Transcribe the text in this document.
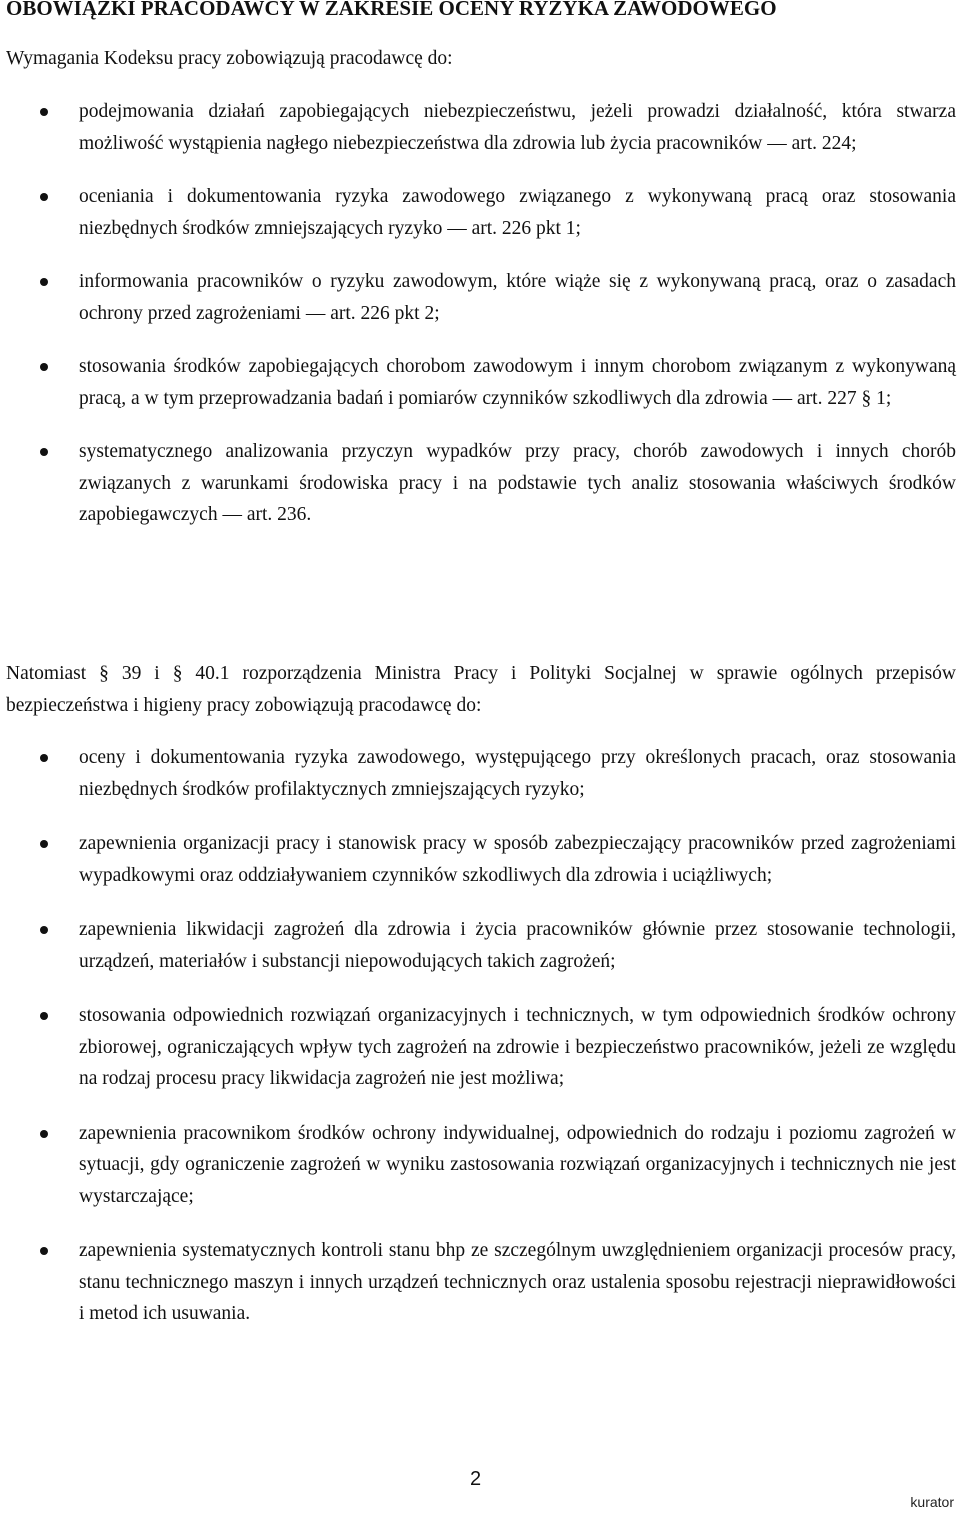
OBOWIĄZKI PRACODAWCY W ZAKRESIE OCENY RYZYKA ZAWODOWEGO
Wymagania Kodeksu pracy zobowiązują pracodawcę do:
podejmowania działań zapobiegających niebezpieczeństwu, jeżeli prowadzi działalność, która stwarza możliwość wystąpienia nagłego niebezpieczeństwa dla zdrowia lub życia pracowników — art. 224;
oceniania i dokumentowania ryzyka zawodowego związanego z wykonywaną pracą oraz stosowania niezbędnych środków zmniejszających ryzyko — art. 226 pkt 1;
informowania pracowników o ryzyku zawodowym, które wiąże się z wykonywaną pracą, oraz o zasadach ochrony przed zagrożeniami — art. 226 pkt 2;
stosowania środków zapobiegających chorobom zawodowym i innym chorobom związanym z wykonywaną pracą, a w tym przeprowadzania badań i pomiarów czynników szkodliwych dla zdrowia — art. 227 § 1;
systematycznego analizowania przyczyn wypadków przy pracy, chorób zawodowych i innych chorób związanych z warunkami środowiska pracy i na podstawie tych analiz stosowania właściwych środków zapobiegawczych — art. 236.
Natomiast § 39 i § 40.1 rozporządzenia Ministra Pracy i Polityki Socjalnej w sprawie ogólnych przepisów bezpieczeństwa i higieny pracy zobowiązują pracodawcę do:
oceny i dokumentowania ryzyka zawodowego, występującego przy określonych pracach, oraz stosowania niezbędnych środków profilaktycznych zmniejszających ryzyko;
zapewnienia organizacji pracy i stanowisk pracy w sposób zabezpieczający pracowników przed zagrożeniami wypadkowymi oraz oddziaływaniem czynników szkodliwych dla zdrowia i uciążliwych;
zapewnienia likwidacji zagrożeń dla zdrowia i życia pracowników głównie przez stosowanie technologii, urządzeń, materiałów i substancji niepowodujących takich zagrożeń;
stosowania odpowiednich rozwiązań organizacyjnych i technicznych, w tym odpowiednich środków ochrony zbiorowej, ograniczających wpływ tych zagrożeń na zdrowie i bezpieczeństwo pracowników, jeżeli ze względu na rodzaj procesu pracy likwidacja zagrożeń nie jest możliwa;
zapewnienia pracownikom środków ochrony indywidualnej, odpowiednich do rodzaju i poziomu zagrożeń w sytuacji, gdy ograniczenie zagrożeń w wyniku zastosowania rozwiązań organizacyjnych i technicznych nie jest wystarczające;
zapewnienia systematycznych kontroli stanu bhp ze szczególnym uwzględnieniem organizacji procesów pracy, stanu technicznego maszyn i innych urządzeń technicznych oraz ustalenia sposobu rejestracji nieprawidłowości i metod ich usuwania.
2
kurator
